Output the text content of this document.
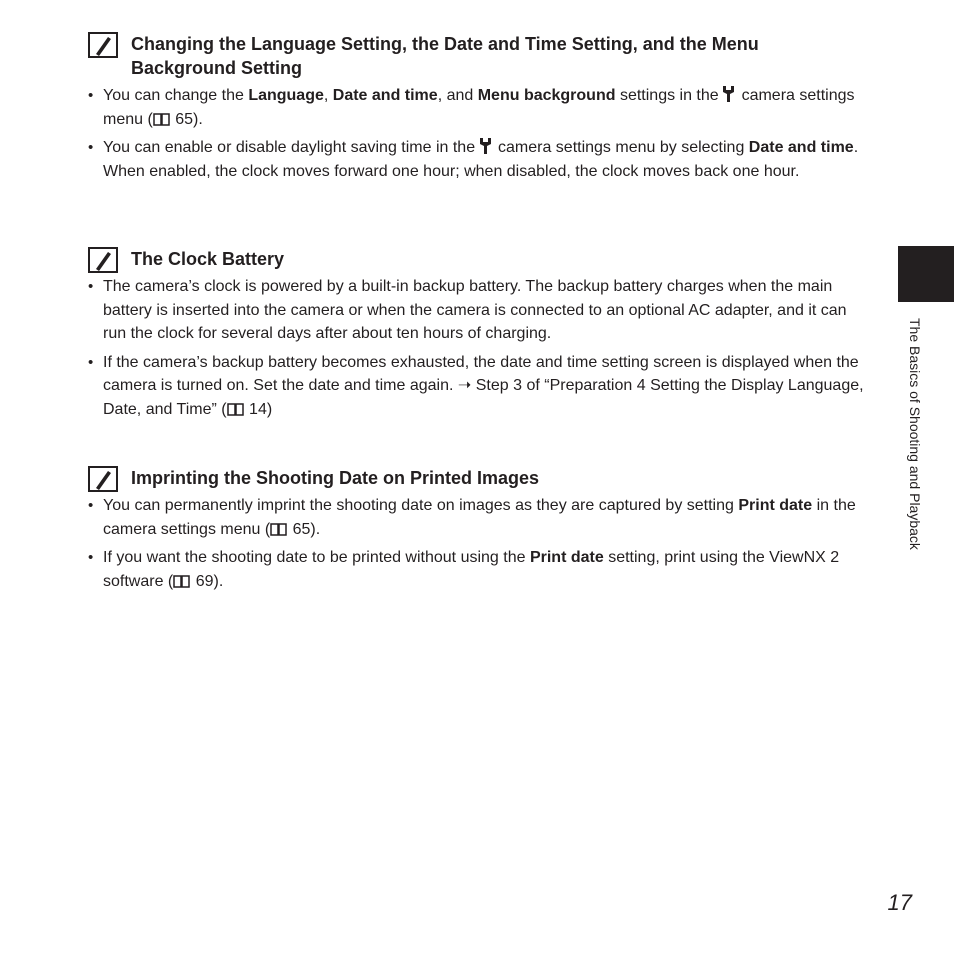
Changing the Language Setting, the Date and Time Setting, and the Menu Background Setting
• You can change the Language, Date and time, and Menu background settings in the  camera settings menu ( 65).
• You can enable or disable daylight saving time in the  camera settings menu by selecting Date and time. When enabled, the clock moves forward one hour; when disabled, the clock moves back one hour.
The Clock Battery
• The camera’s clock is powered by a built-in backup battery. The backup battery charges when the main battery is inserted into the camera or when the camera is connected to an optional AC adapter, and it can run the clock for several days after about ten hours of charging.
• If the camera’s backup battery becomes exhausted, the date and time setting screen is displayed when the camera is turned on. Set the date and time again. ➝ Step 3 of “Preparation 4 Setting the Display Language, Date, and Time” ( 14)
Imprinting the Shooting Date on Printed Images
• You can permanently imprint the shooting date on images as they are captured by setting Print date in the camera settings menu ( 65).
• If you want the shooting date to be printed without using the Print date setting, print using the ViewNX 2 software ( 69).
The Basics of Shooting and Playback
17
